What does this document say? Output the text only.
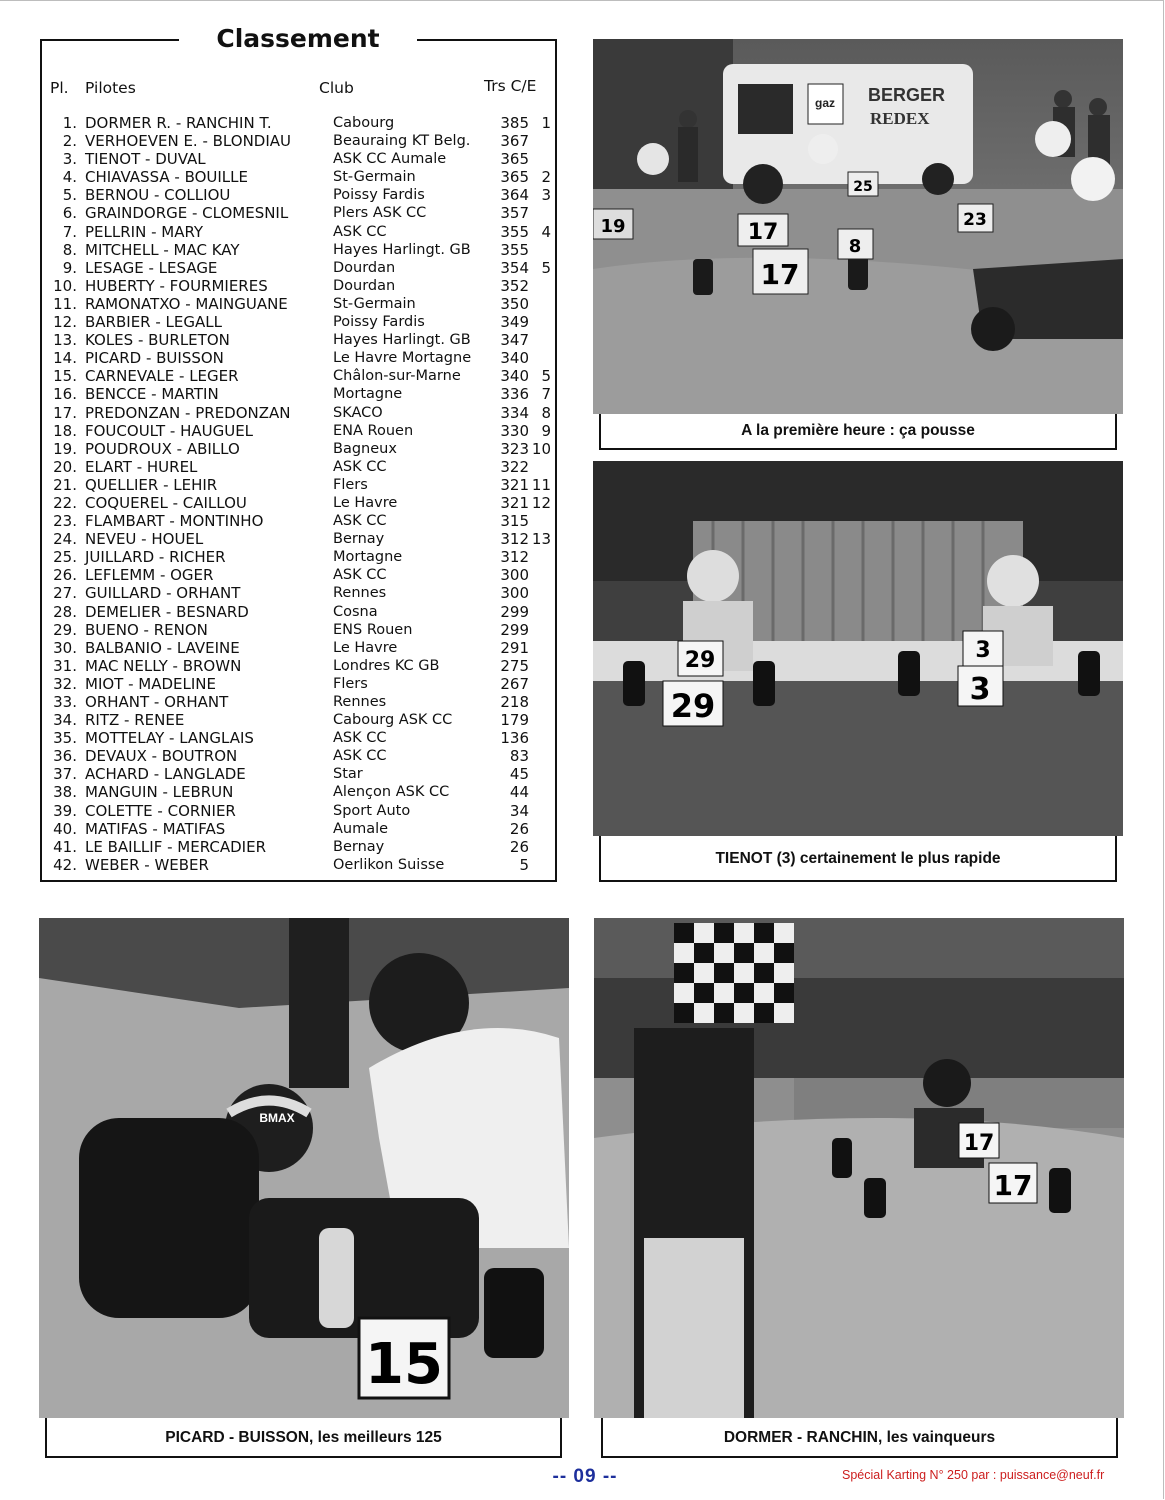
Classement
Pl. Pilotes	Club	Trs C/E
1. DORMER R. - RANCHIN T.	Cabourg	385 1
2. VERHOEVEN E. - BLONDIAU	Beauraing KT Belg.	367
3. TIENOT - DUVAL	ASK CC Aumale	365
4. CHIAVASSA - BOUILLE	St-Germain	365 2
5. BERNOU - COLLIOU	Poissy Fardis	364 3
6. GRAINDORGE - CLOMESNIL	Plers ASK CC	357
7. PELLRIN - MARY	ASK CC	355 4
8. MITCHELL - MAC KAY	Hayes Harlingt. GB	355
9. LESAGE - LESAGE	Dourdan	354 5
10. HUBERTY - FOURMIERES	Dourdan	352
11. RAMONATXO - MAINGUANE	St-Germain	350
12. BARBIER - LEGALL	Poissy Fardis	349
13. KOLES - BURLETON	Hayes Harlingt. GB	347
14. PICARD - BUISSON	Le Havre Mortagne	340
15. CARNEVALE - LEGER	Châlon-sur-Marne	340 5
16. BENCCE - MARTIN	Mortagne	336 7
17. PREDONZAN - PREDONZAN	SKACO	334 8
18. FOUCOULT - HAUGUEL	ENA Rouen	330 9
19. POUDROUX - ABILLO	Bagneux	323 10
20. ELART - HUREL	ASK CC	322
21. QUELLIER - LEHIR	Flers	321 11
22. COQUEREL - CAILLOU	Le Havre	321 12
23. FLAMBART - MONTINHO	ASK CC	315
24. NEVEU - HOUEL	Bernay	312 13
25. JUILLARD - RICHER	Mortagne	312
26. LEFLEMM - OGER	ASK CC	300
27. GUILLARD - ORHANT	Rennes	300
28. DEMELIER - BESNARD	Cosna	299
29. BUENO - RENON	ENS Rouen	299
30. BALBANIO - LAVEINE	Le Havre	291
31. MAC NELLY - BROWN	Londres KC GB	275
32. MIOT - MADELINE	Flers	267
33. ORHANT - ORHANT	Rennes	218
34. RITZ - RENEE	Cabourg ASK CC	179
35. MOTTELAY - LANGLAIS	ASK CC	136
36. DEVAUX - BOUTRON	ASK CC	83
37. ACHARD - LANGLADE	Star	45
38. MANGUIN - LEBRUN	Alençon ASK CC	44
39. COLETTE - CORNIER	Sport Auto	34
40. MATIFAS - MATIFAS	Aumale	26
41. LE BAILLIF - MERCADIER	Bernay	26
42. WEBER - WEBER	Oerlikon Suisse	5
gaz BERGER
REDEX
19	17
17
8
23
25
A la première heure : ça pousse
29
29
3
3
TIENOT (3) certainement le plus rapide
BMAX
15
PICARD - BUISSON, les meilleurs 125
17
17
DORMER - RANCHIN, les vainqueurs
-- 09 --	Spécial Karting N° 250 par : puissance@neuf.fr
